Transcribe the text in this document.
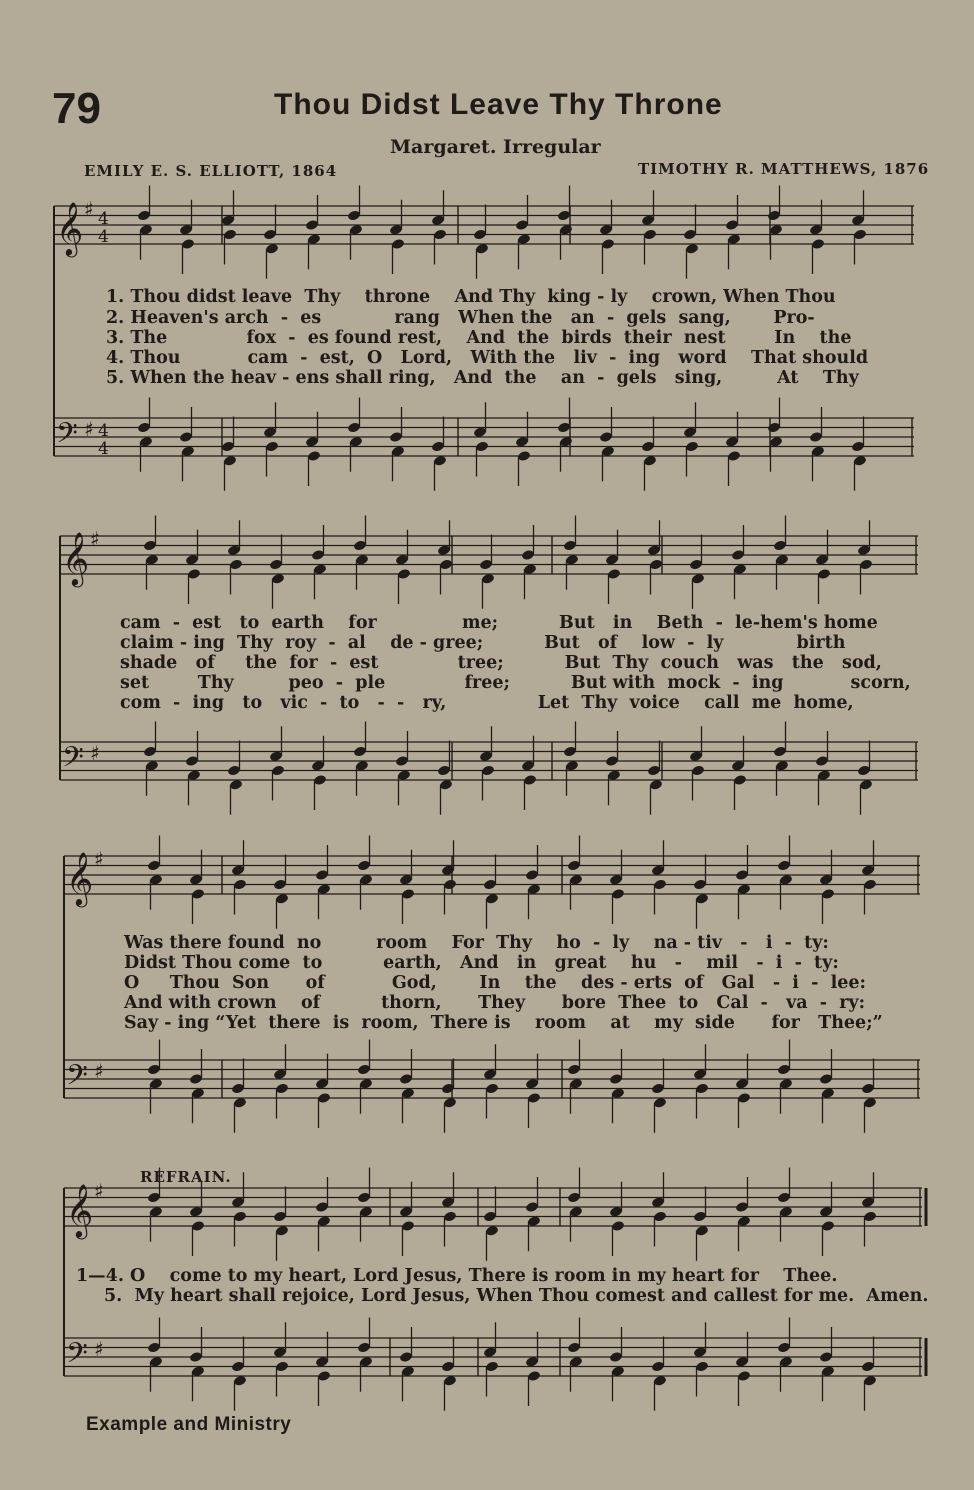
79	Thou Didst Leave Thy Throne
Margaret. Irregular
EMILY E. S. ELLIOTT, 1864	TIMOTHY R. MATTHEWS, 1876
𝄞
𝄢
♯
♯
4
4
4
4
𝄞
𝄢
♯
♯
𝄞
𝄢
♯
♯
𝄞
𝄢
♯
♯
1. Thou didst leave  Thy    throne    And Thy  king - ly    crown, When Thou
2. Heaven's arch  -  es            rang   When the   an  -  gels  sang,       Pro-
3. The             fox  -  es found rest,    And  the  birds  their  nest        In    the
4. Thou           cam  -  est,  O   Lord,   With the   liv  -  ing   word    That should
5. When the heav - ens shall ring,   And  the    an  -  gels   sing,         At    Thy
cam  -  est   to  earth    for              me;          But   in    Beth  -  le-hem's home
claim - ing  Thy  roy  -  al    de - gree;          But   of    low  -  ly            birth
shade   of     the  for  -  est             tree;          But  Thy  couch   was   the   sod,
set        Thy         peo  -  ple             free;          But with  mock  -  ing           scorn,
com  -  ing   to   vic  -  to   -  -   ry,               Let  Thy  voice    call  me  home,
Was there found  no         room    For  Thy    ho  -  ly    na - tiv   -   i  -  ty:
Didst Thou come  to          earth,   And   in   great    hu   -    mil   -  i  -  ty:
O     Thou  Son      of           God,       In    the    des - erts  of   Gal   -  i  -  lee:
And with crown    of          thorn,      They      bore  Thee  to   Cal  -   va  -  ry:
Say - ing “Yet  there  is  room,  There is    room    at    my  side      for   Thee;”
REFRAIN.
1—4. O    come to my heart, Lord Jesus, There is room in my heart for    Thee.
5.  My heart shall rejoice, Lord Jesus, When Thou comest and callest for me.  Amen.
Example and Ministry
